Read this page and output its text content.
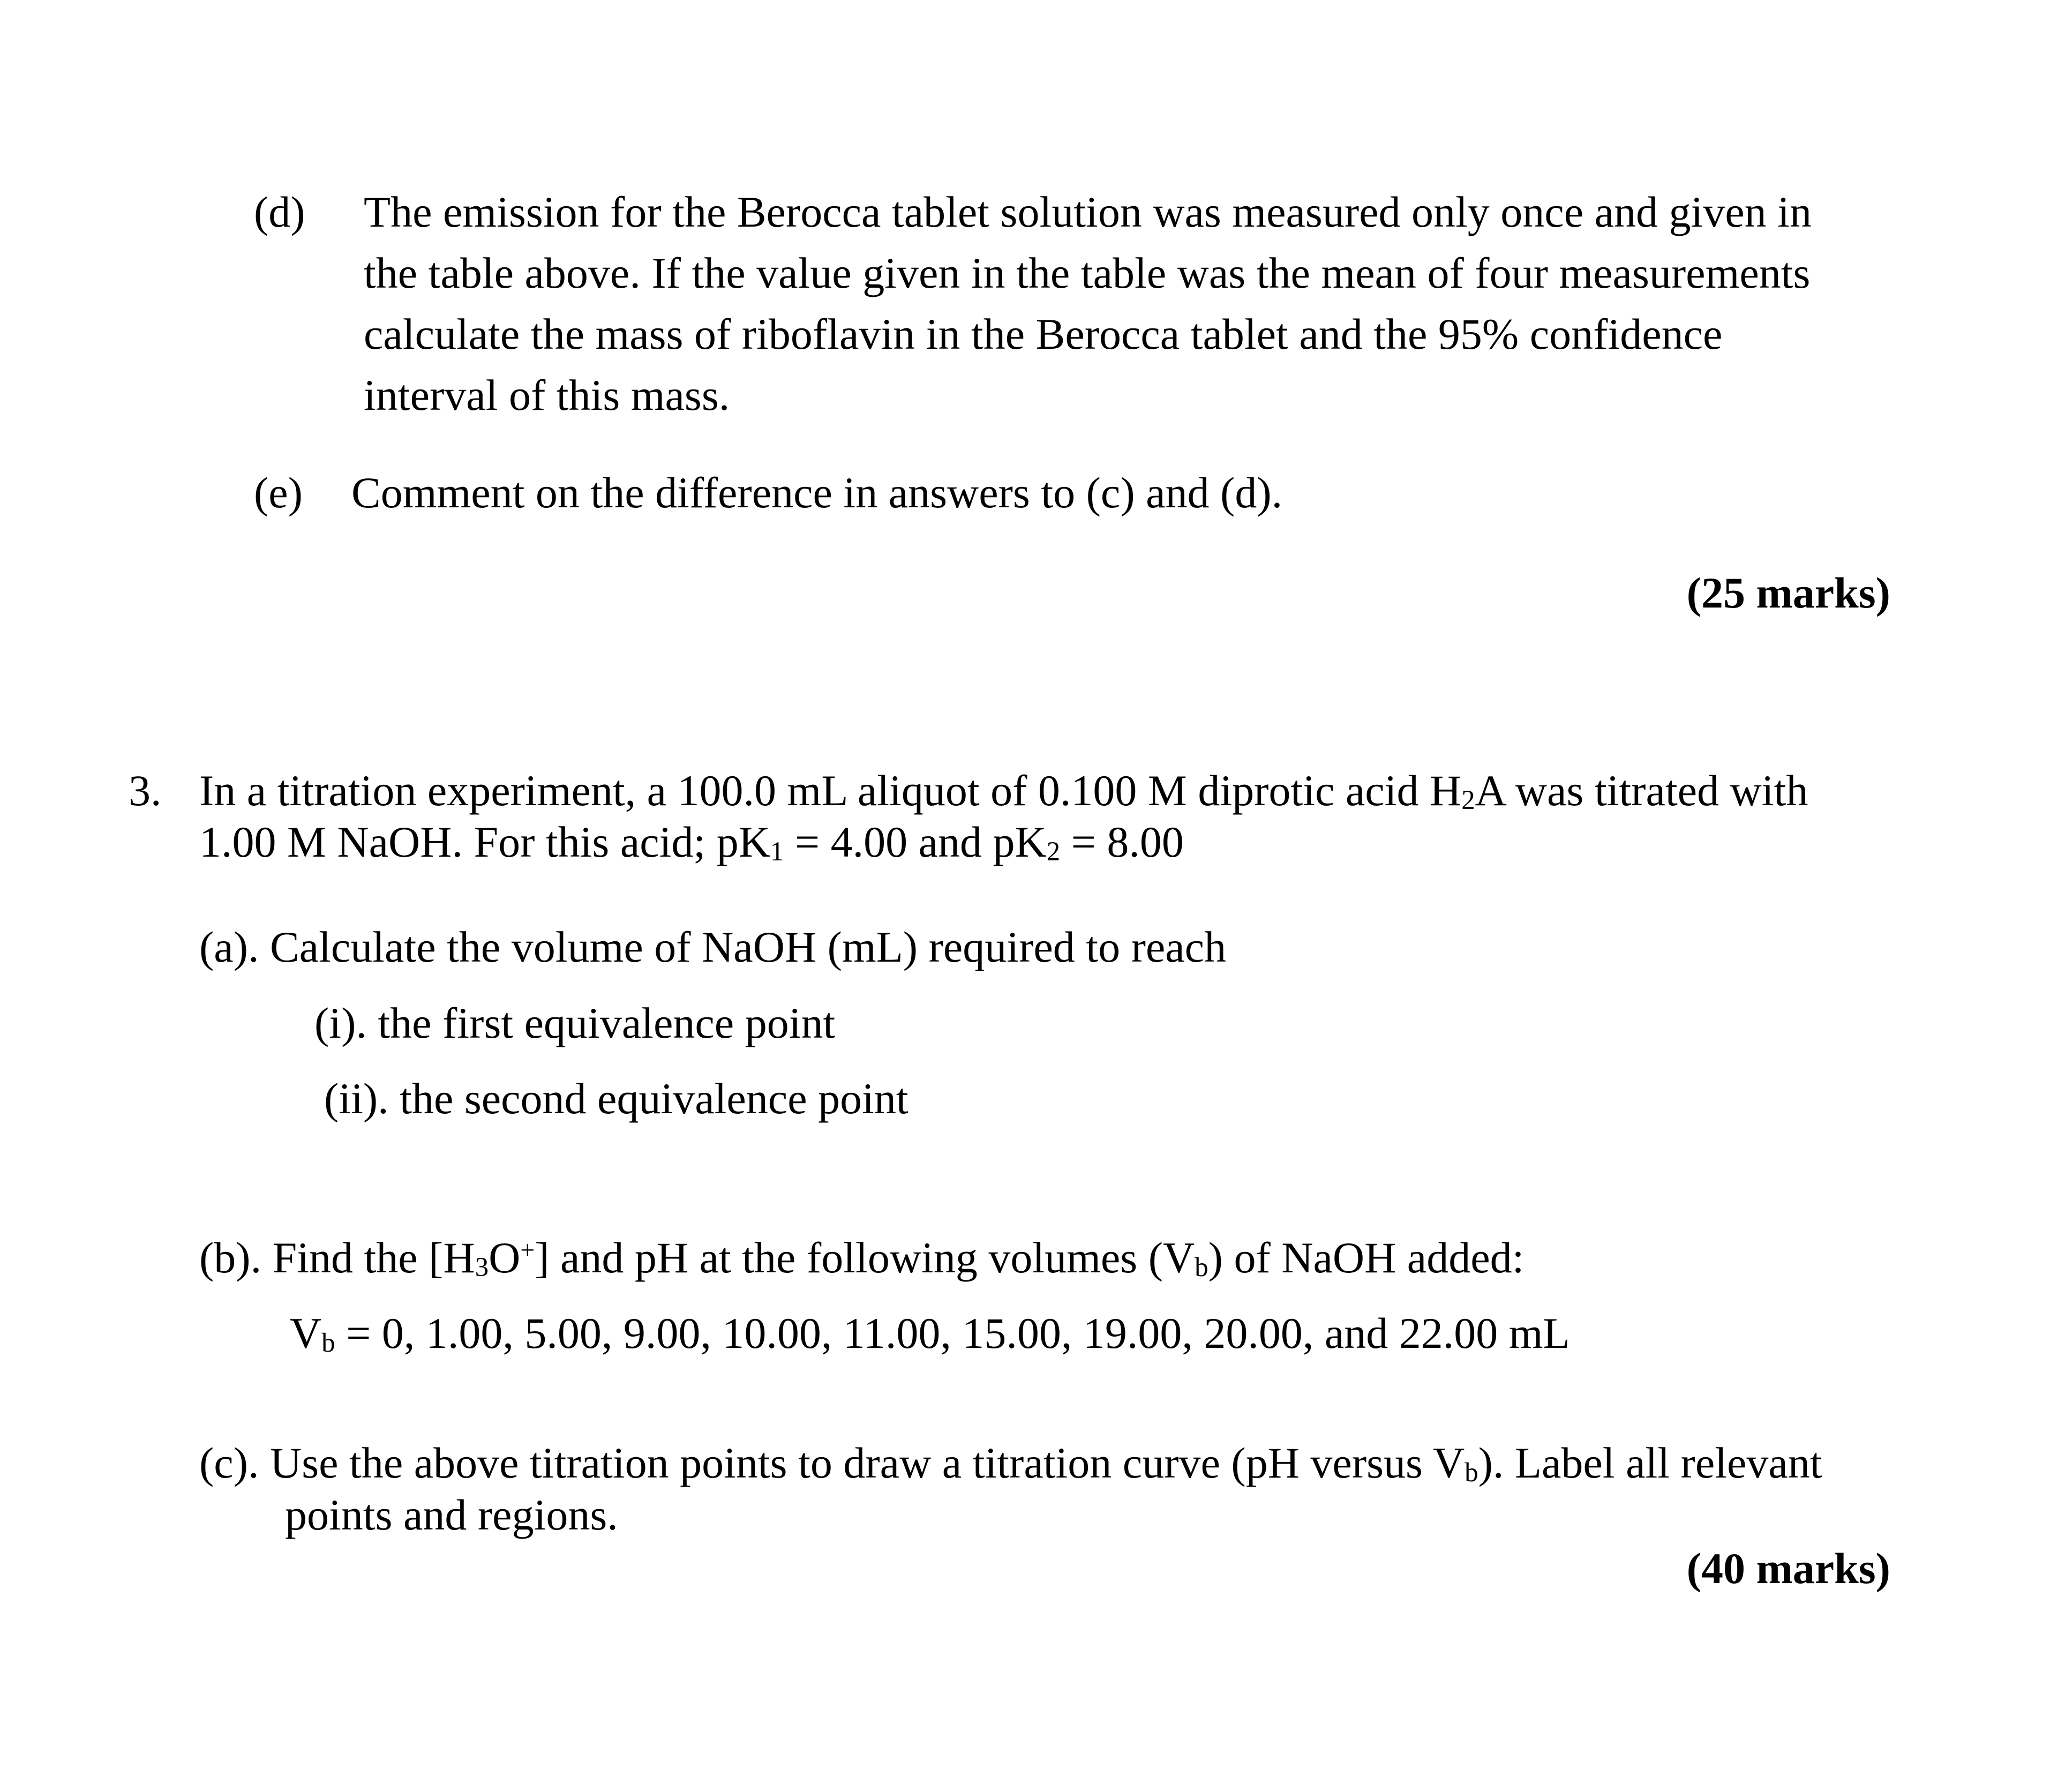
(d) The emission for the Berocca tablet solution was measured only once and given in
the table above. If the value given in the table was the mean of four measurements
calculate the mass of riboflavin in the Berocca tablet and the 95% confidence
interval of this mass.
(e) Comment on the difference in answers to (c) and (d).
(25 marks)
3. In a titration experiment, a 100.0 mL aliquot of 0.100 M diprotic acid H2A was titrated with
1.00 M NaOH. For this acid; pK1 = 4.00 and pK2 = 8.00
(a). Calculate the volume of NaOH (mL) required to reach
(i). the first equivalence point
(ii). the second equivalence point
(b). Find the [H3O+] and pH at the following volumes (Vb) of NaOH added:
Vb = 0, 1.00, 5.00, 9.00, 10.00, 11.00, 15.00, 19.00, 20.00, and 22.00 mL
(c). Use the above titration points to draw a titration curve (pH versus Vb). Label all relevant
points and regions.
(40 marks)
